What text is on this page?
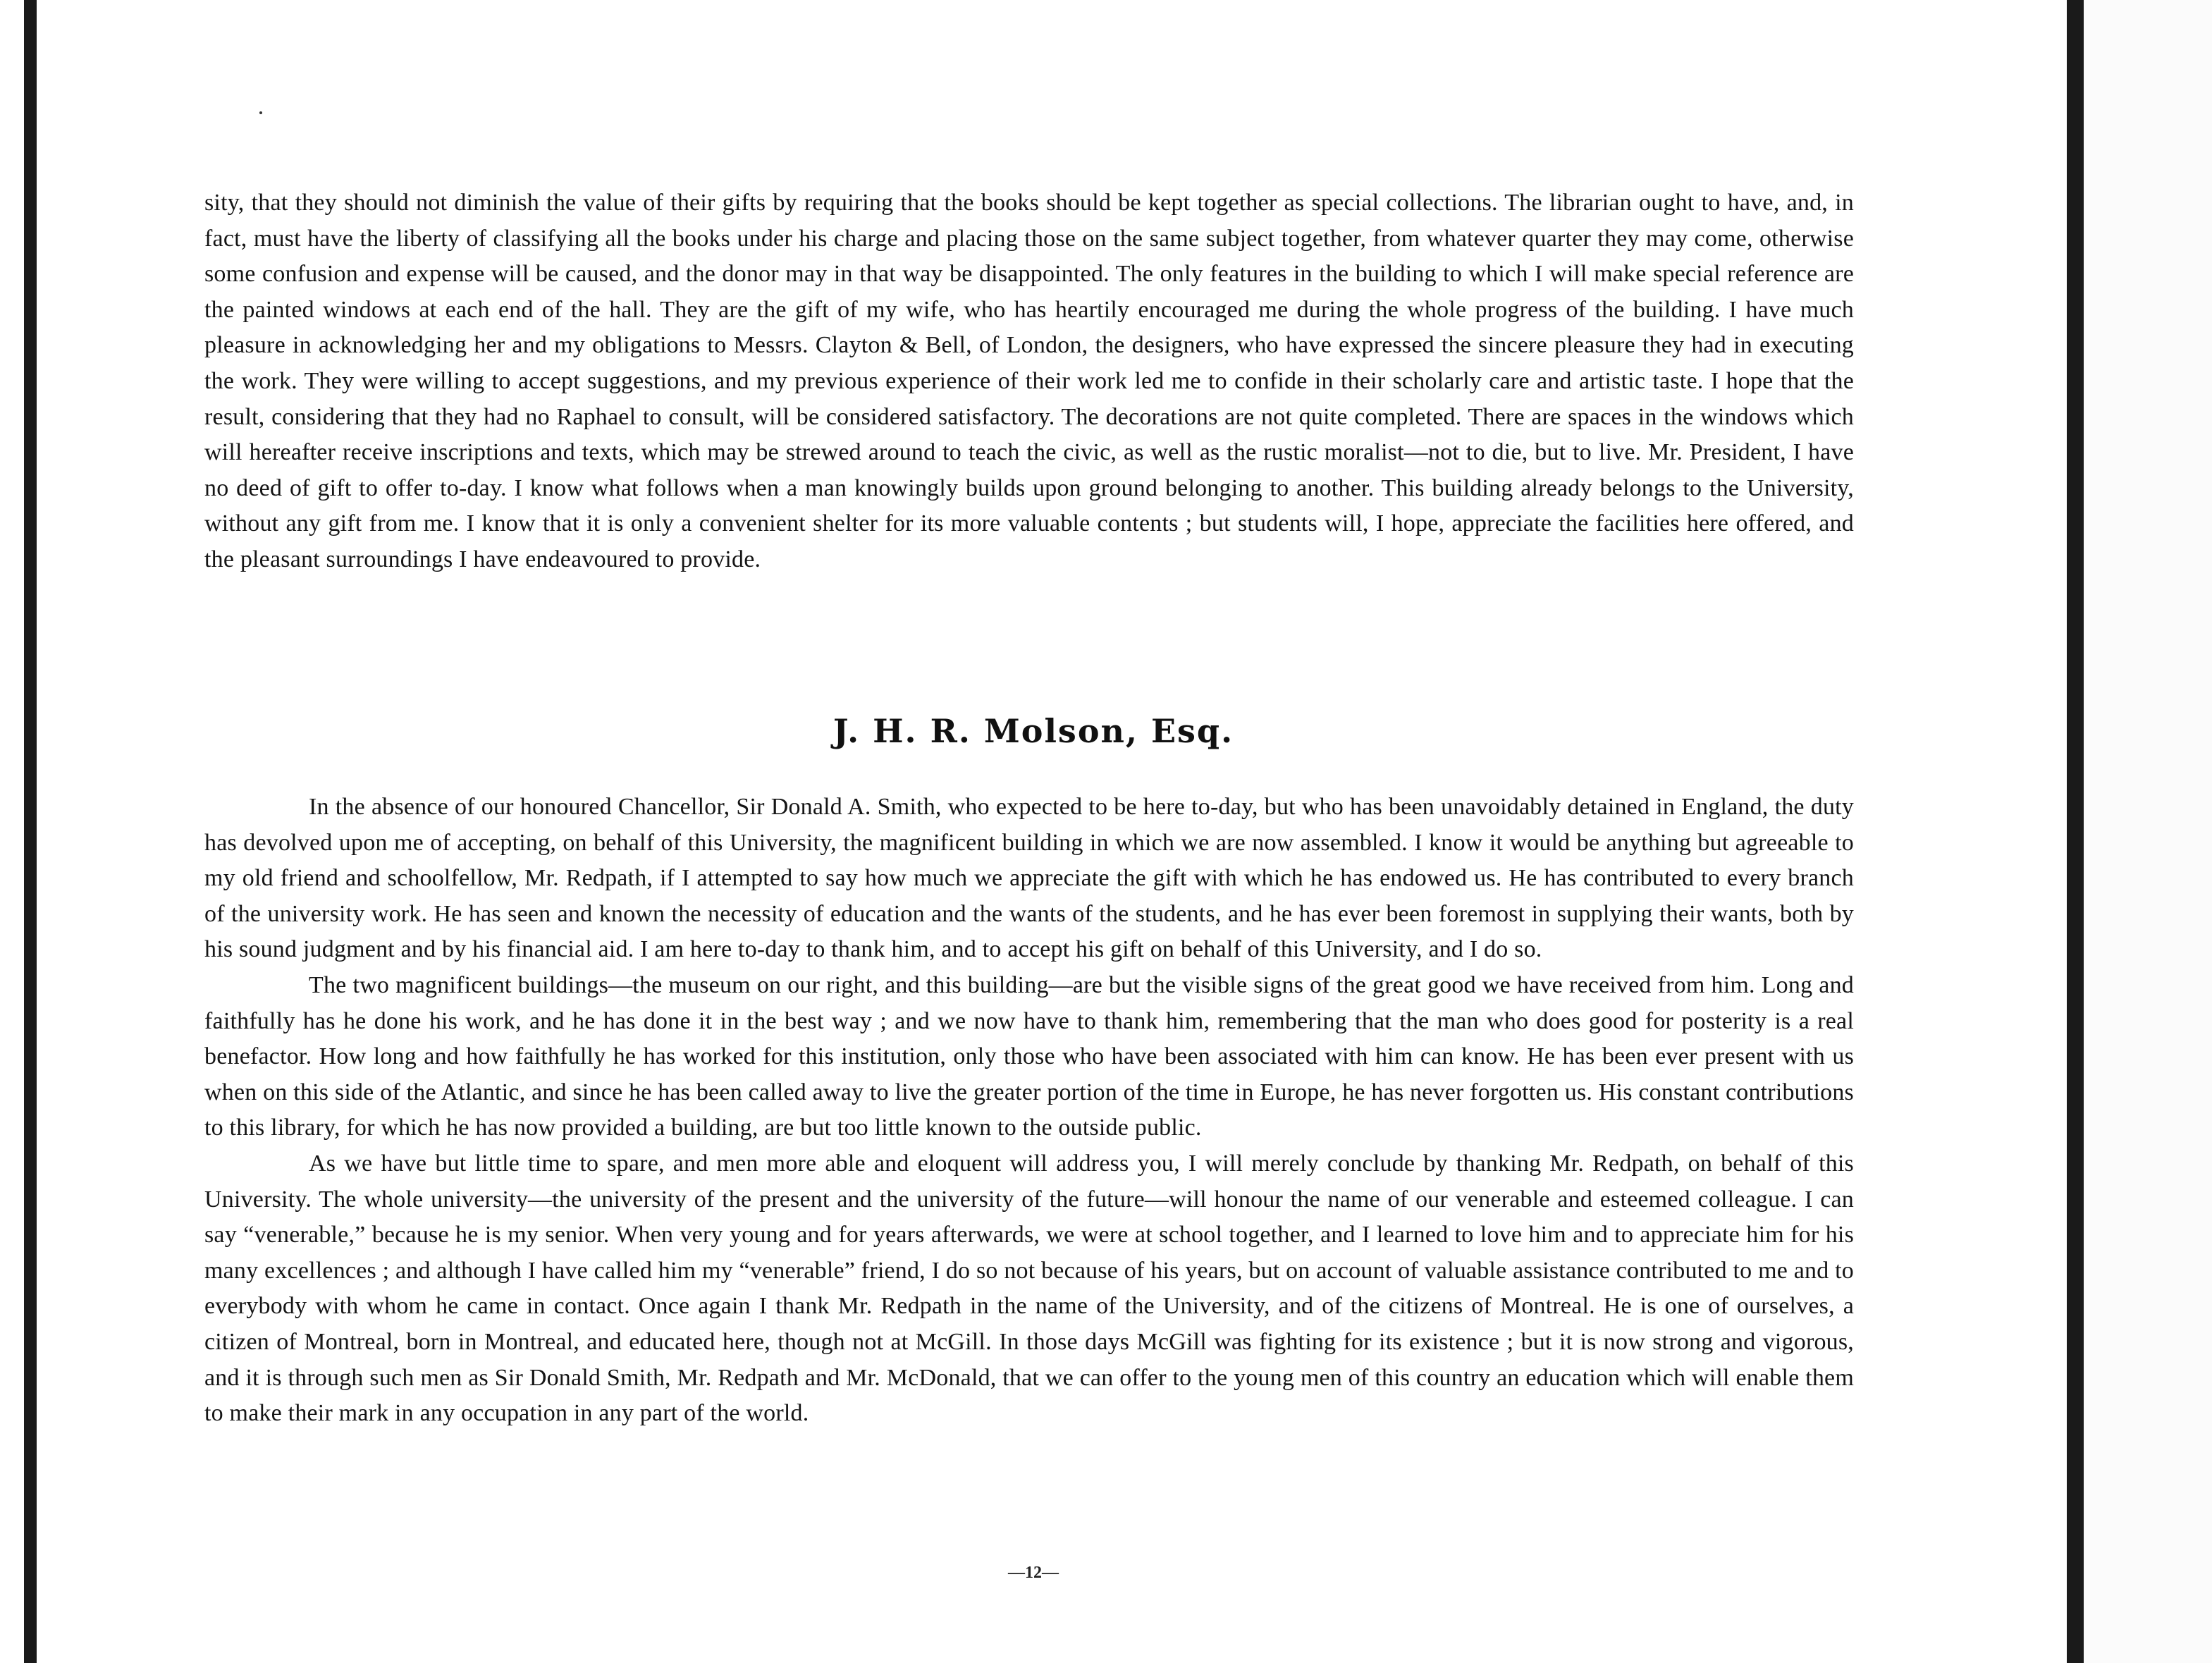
sity, that they should not diminish the value of their gifts by requiring that the books should be kept together as special collections. The librarian ought to have, and, in fact, must have the liberty of classifying all the books under his charge and placing those on the same subject together, from whatever quarter they may come, otherwise some confusion and expense will be caused, and the donor may in that way be disappointed. The only features in the building to which I will make special reference are the painted windows at each end of the hall. They are the gift of my wife, who has heartily encouraged me during the whole progress of the building. I have much pleasure in acknowledging her and my obligations to Messrs. Clayton & Bell, of London, the designers, who have expressed the sincere pleasure they had in executing the work. They were willing to accept suggestions, and my previous experience of their work led me to confide in their scholarly care and artistic taste. I hope that the result, considering that they had no Raphael to consult, will be considered satisfactory. The decorations are not quite completed. There are spaces in the windows which will hereafter receive inscriptions and texts, which may be strewed around to teach the civic, as well as the rustic moralist—not to die, but to live. Mr. President, I have no deed of gift to offer to-day. I know what follows when a man knowingly builds upon ground belonging to another. This building already belongs to the University, without any gift from me. I know that it is only a convenient shelter for its more valuable contents ; but students will, I hope, appreciate the facilities here offered, and the pleasant surroundings I have endeavoured to provide.

J. H. R. Molson, Esq.

In the absence of our honoured Chancellor, Sir Donald A. Smith, who expected to be here to-day, but who has been unavoidably detained in England, the duty has devolved upon me of accepting, on behalf of this University, the magnificent building in which we are now assembled. I know it would be anything but agreeable to my old friend and schoolfellow, Mr. Redpath, if I attempted to say how much we appreciate the gift with which he has endowed us. He has contributed to every branch of the university work. He has seen and known the necessity of education and the wants of the students, and he has ever been foremost in supplying their wants, both by his sound judgment and by his financial aid. I am here to-day to thank him, and to accept his gift on behalf of this University, and I do so.

The two magnificent buildings—the museum on our right, and this building—are but the visible signs of the great good we have received from him. Long and faithfully has he done his work, and he has done it in the best way ; and we now have to thank him, remembering that the man who does good for posterity is a real benefactor. How long and how faithfully he has worked for this institution, only those who have been associated with him can know. He has been ever present with us when on this side of the Atlantic, and since he has been called away to live the greater portion of the time in Europe, he has never forgotten us. His constant contributions to this library, for which he has now provided a building, are but too little known to the outside public.

As we have but little time to spare, and men more able and eloquent will address you, I will merely conclude by thanking Mr. Redpath, on behalf of this University. The whole university—the university of the present and the university of the future—will honour the name of our venerable and esteemed colleague. I can say “venerable,” because he is my senior. When very young and for years afterwards, we were at school together, and I learned to love him and to appreciate him for his many excellences ; and although I have called him my “venerable” friend, I do so not because of his years, but on account of valuable assistance contributed to me and to everybody with whom he came in contact. Once again I thank Mr. Redpath in the name of the University, and of the citizens of Montreal. He is one of ourselves, a citizen of Montreal, born in Montreal, and educated here, though not at McGill. In those days McGill was fighting for its existence ; but it is now strong and vigorous, and it is through such men as Sir Donald Smith, Mr. Redpath and Mr. McDonald, that we can offer to the young men of this country an education which will enable them to make their mark in any occupation in any part of the world.

—12—
